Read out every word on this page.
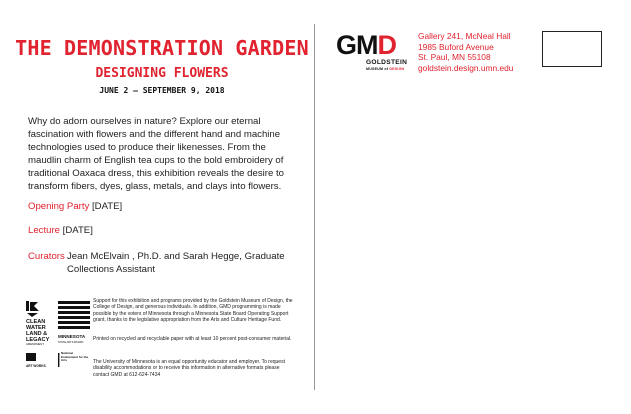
THE DEMONSTRATION GARDEN
DESIGNING FLOWERS
JUNE 2 – SEPTEMBER 9, 2018
Why do adorn ourselves in nature? Explore our eternal fascination with flowers and the different hand and machine technologies used to produce their likenesses. From the maudlin charm of English tea cups to the bold embroidery of traditional Oaxaca dress, this exhibition reveals the desire to transform fibers, dyes, glass, metals, and clays into flowers.
Opening Party [DATE]
Lecture [DATE]
Curators Jean McElvain , Ph.D. and Sarah Hegge, Graduate Collections Assistant
CLEAN
WATER
LAND &
LEGACY
AMENDMENT
ART WORKS.
MINNESOTA
STATE ARTS BOARD
National Endowment for the Arts
Support for this exhibition and programs provided by the Goldstein Museum of Design, the College of Design, and generous individuals. In addition, GMD programming is made possible by the voters of Minnesota through a Minnesota State Board Operating Support grant, thanks to the legislative appropriation from the Arts and Culture Heritage Fund.
Printed on recycled and recyclable paper with at least 10 percent post-consumer material.
The University of Minnesota is an equal opportunity educator and employer. To request disability accommodations or to receive this information in alternative formats please contact GMD at 612-624-7434
GMD
GOLDSTEIN
MUSEUM of DESIGN
Gallery 241, McNeal Hall
1985 Buford Avenue
St. Paul, MN 55108
goldstein.design.umn.edu
